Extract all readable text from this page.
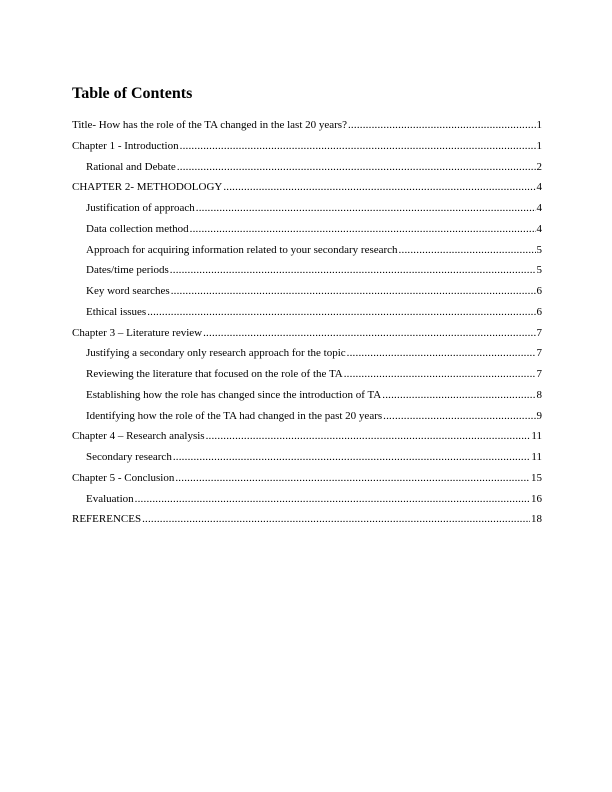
Table of Contents
Title- How has the role of the TA changed in the last 20 years? .....	1
Chapter 1 - Introduction .....	1
Rational and Debate .....	2
CHAPTER 2- METHODOLOGY .....	4
Justification of approach .....	4
Data collection method .....	4
Approach for acquiring information related to your secondary research .....	5
Dates/time periods .....	5
Key word searches .....	6
Ethical issues .....	6
Chapter 3 – Literature review .....	7
Justifying a secondary only research approach for the topic .....	7
Reviewing the literature that focused on the role of the TA .....	7
Establishing how the role has changed since the introduction of TA .....	8
Identifying how the role of the TA had changed in the past 20 years .....	9
Chapter 4 – Research analysis .....	11
Secondary research .....	11
Chapter 5 - Conclusion .....	15
Evaluation .....	16
REFERENCES .....	18
